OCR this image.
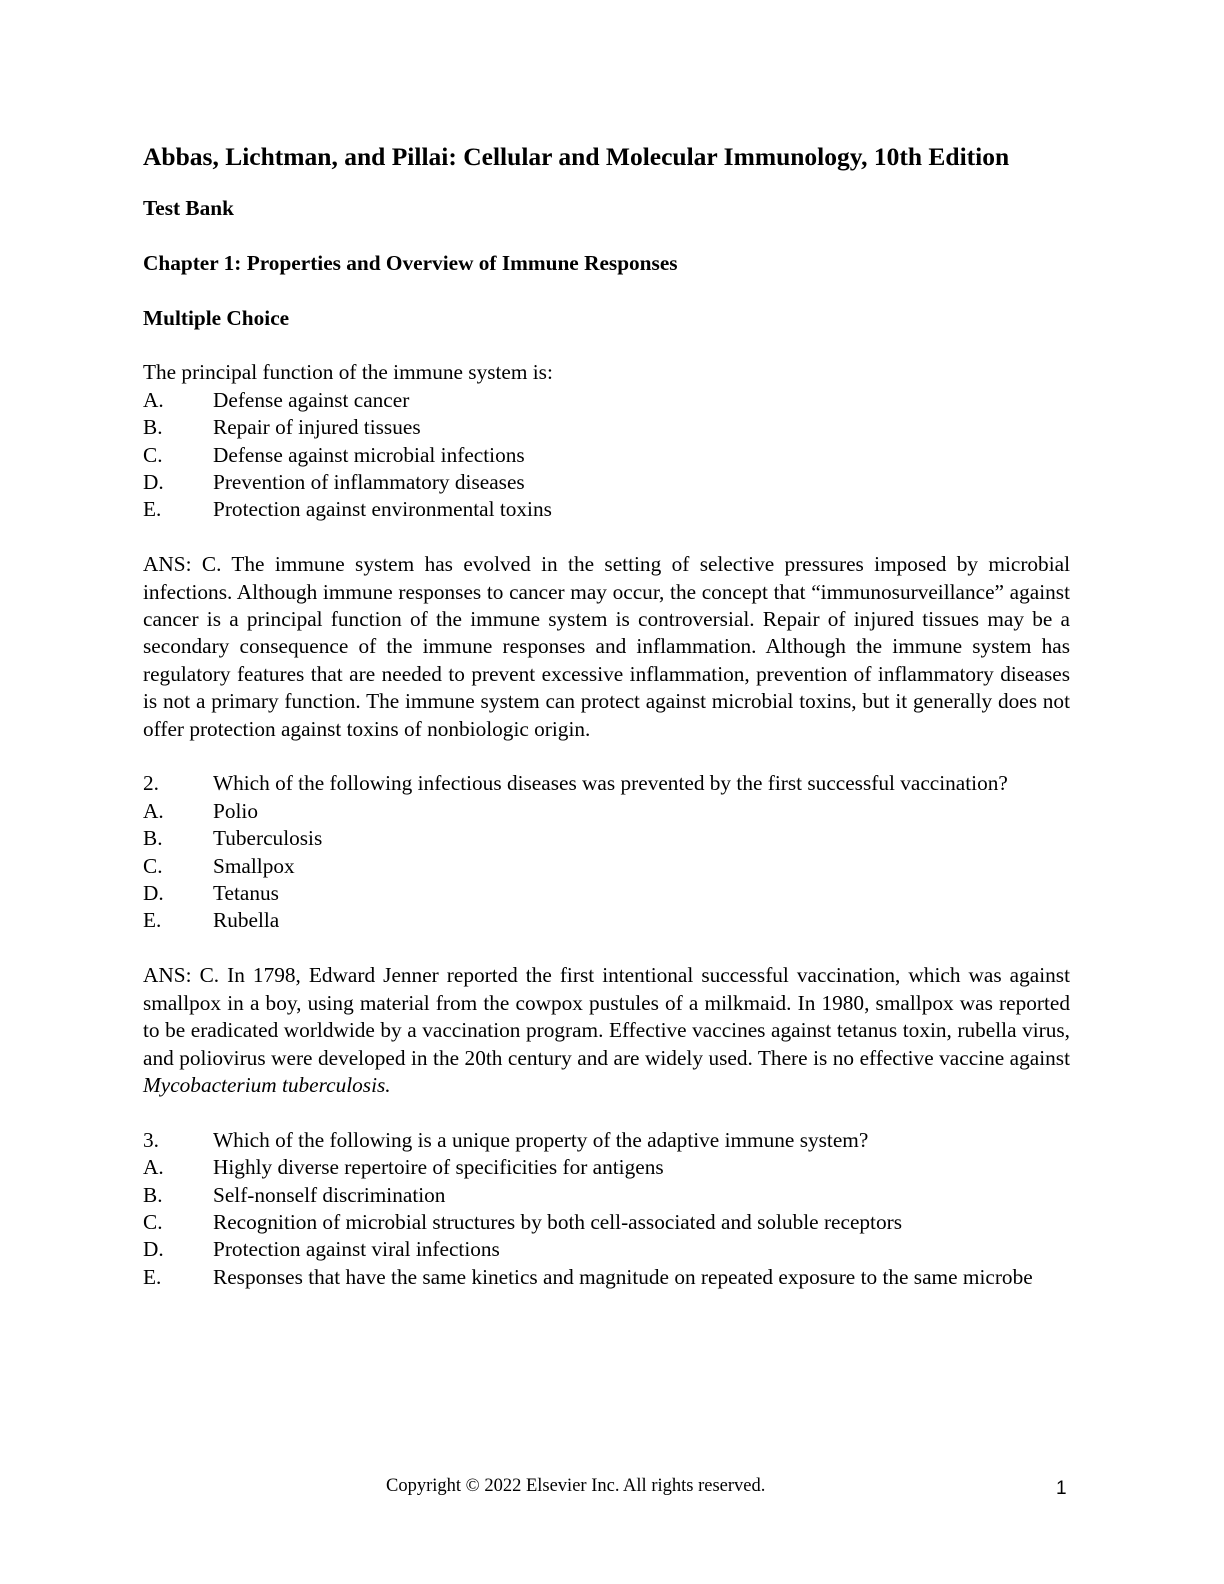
Abbas, Lichtman, and Pillai: Cellular and Molecular Immunology, 10th Edition
Test Bank
Chapter 1: Properties and Overview of Immune Responses
Multiple Choice

The principal function of the immune system is:

A.	Defense against cancer
B.	Repair of injured tissues
C.	Defense against microbial infections
D.	Prevention of inflammatory diseases
E.	Protection against environmental toxins

ANS: C. The immune system has evolved in the setting of selective pressures imposed by microbial infections. Although immune responses to cancer may occur, the concept that “immunosurveillance” against cancer is a principal function of the immune system is controversial. Repair of injured tissues may be a secondary consequence of the immune responses and inflammation. Although the immune system has regulatory features that are needed to prevent excessive inflammation, prevention of inflammatory diseases is not a primary function. The immune system can protect against microbial toxins, but it generally does not offer protection against toxins of nonbiologic origin.

2.	Which of the following infectious diseases was prevented by the first successful vaccination?

A.	Polio
B.	Tuberculosis
C.	Smallpox
D.	Tetanus
E.	Rubella

ANS: C. In 1798, Edward Jenner reported the first intentional successful vaccination, which was against smallpox in a boy, using material from the cowpox pustules of a milkmaid. In 1980, smallpox was reported to be eradicated worldwide by a vaccination program. Effective vaccines against tetanus toxin, rubella virus, and poliovirus were developed in the 20th century and are widely used. There is no effective vaccine against Mycobacterium tuberculosis.

3.	Which of the following is a unique property of the adaptive immune system?

A.	Highly diverse repertoire of specificities for antigens
B.	Self-nonself discrimination
C.	Recognition of microbial structures by both cell-associated and soluble receptors
D.	Protection against viral infections

E. Responses that have the same kinetics and magnitude on repeated exposure to the same microbe

Copyright © 2022 Elsevier Inc. All rights reserved.	1
